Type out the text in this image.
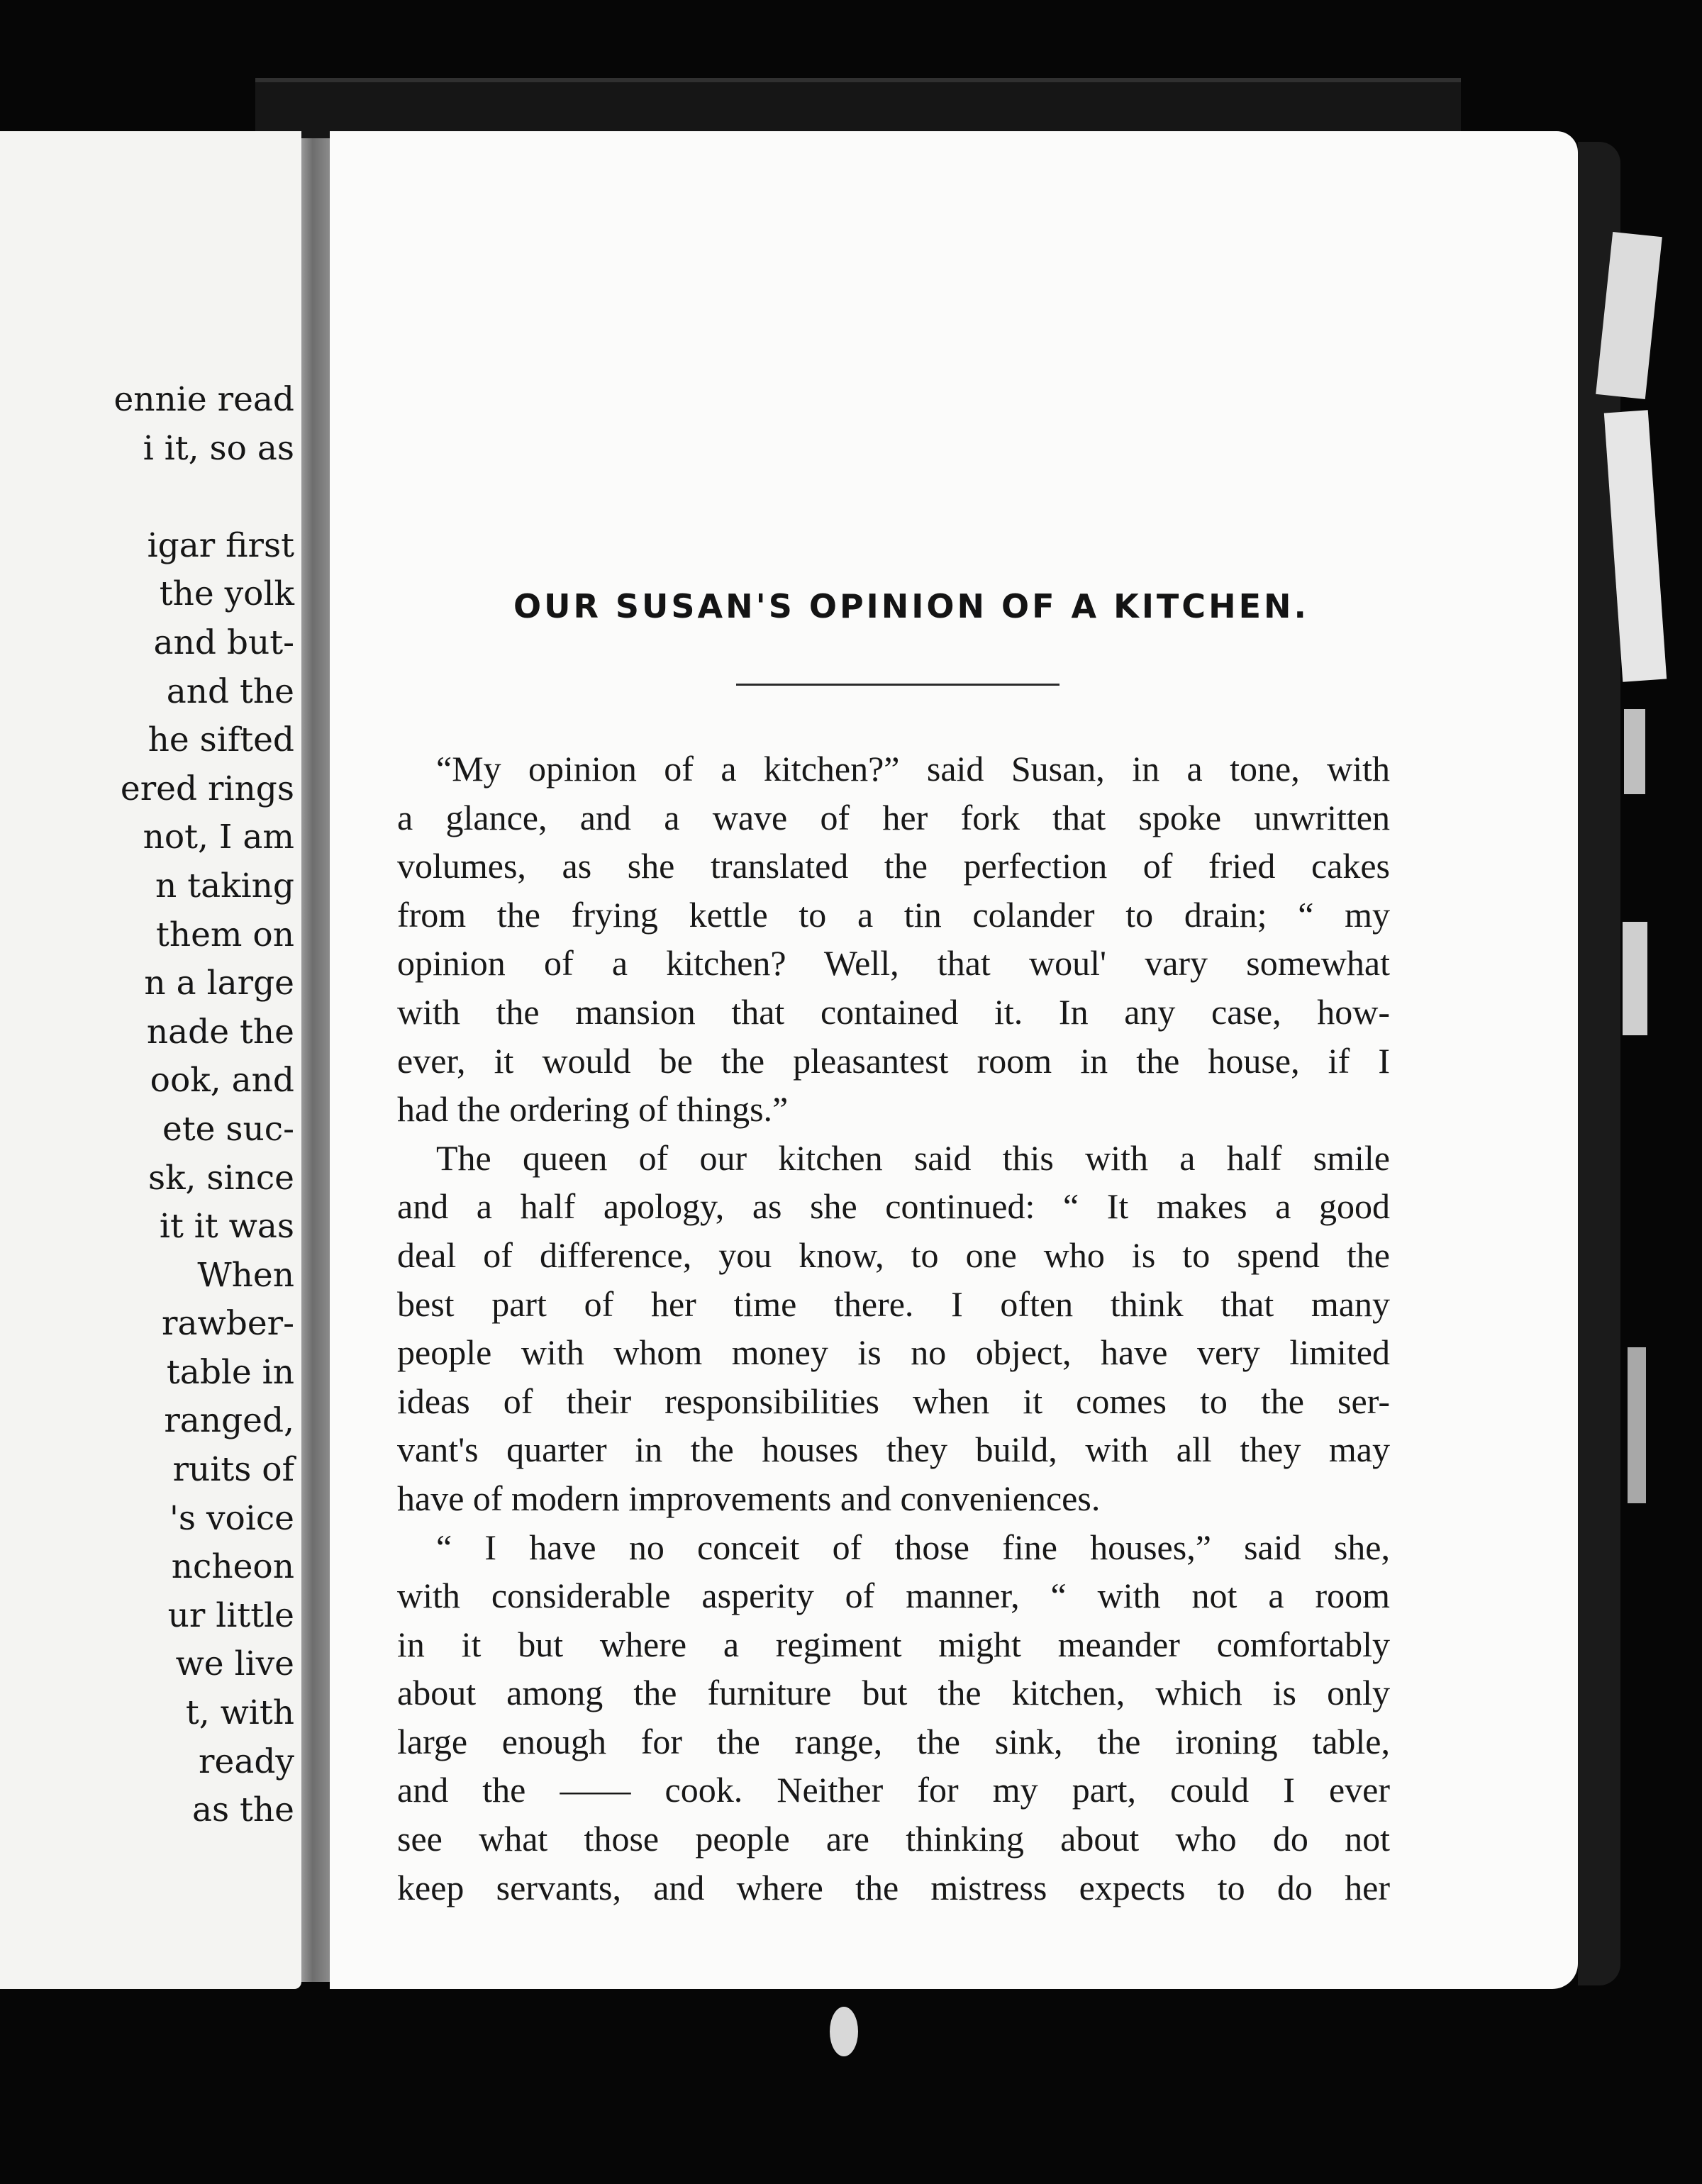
ennie read
i it, so as
igar first
the yolk
and but-
and the
he sifted
ered rings
not, I am
n taking
them on
n a large
nade the
ook, and
ete suc-
sk, since
it it was
When
rawber-
table in
ranged,
ruits of
's voice
ncheon
ur little
we live
t, with
ready
as the
OUR SUSAN'S OPINION OF A KITCHEN.
“My opinion of a kitchen?” said Susan, in a tone, with
a glance, and a wave of her fork that spoke unwritten
volumes, as she translated the perfection of fried cakes
from the frying kettle to a tin colander to drain; “ my
opinion of a kitchen? Well, that woul' vary somewhat
with the mansion that contained it. In any case, how-
ever, it would be the pleasantest room in the house, if I
had the ordering of things.”
The queen of our kitchen said this with a half smile
and a half apology, as she continued: “ It makes a good
deal of difference, you know, to one who is to spend the
best part of her time there. I often think that many
people with whom money is no object, have very limited
ideas of their responsibilities when it comes to the ser-
vant's quarter in the houses they build, with all they may
have of modern improvements and conveniences.
“ I have no conceit of those fine houses,” said she,
with considerable asperity of manner, “ with not a room
in it but where a regiment might meander comfortably
about among the furniture but the kitchen, which is only
large enough for the range, the sink, the ironing table,
and the —— cook. Neither for my part, could I ever
see what those people are thinking about who do not
keep servants, and where the mistress expects to do her
